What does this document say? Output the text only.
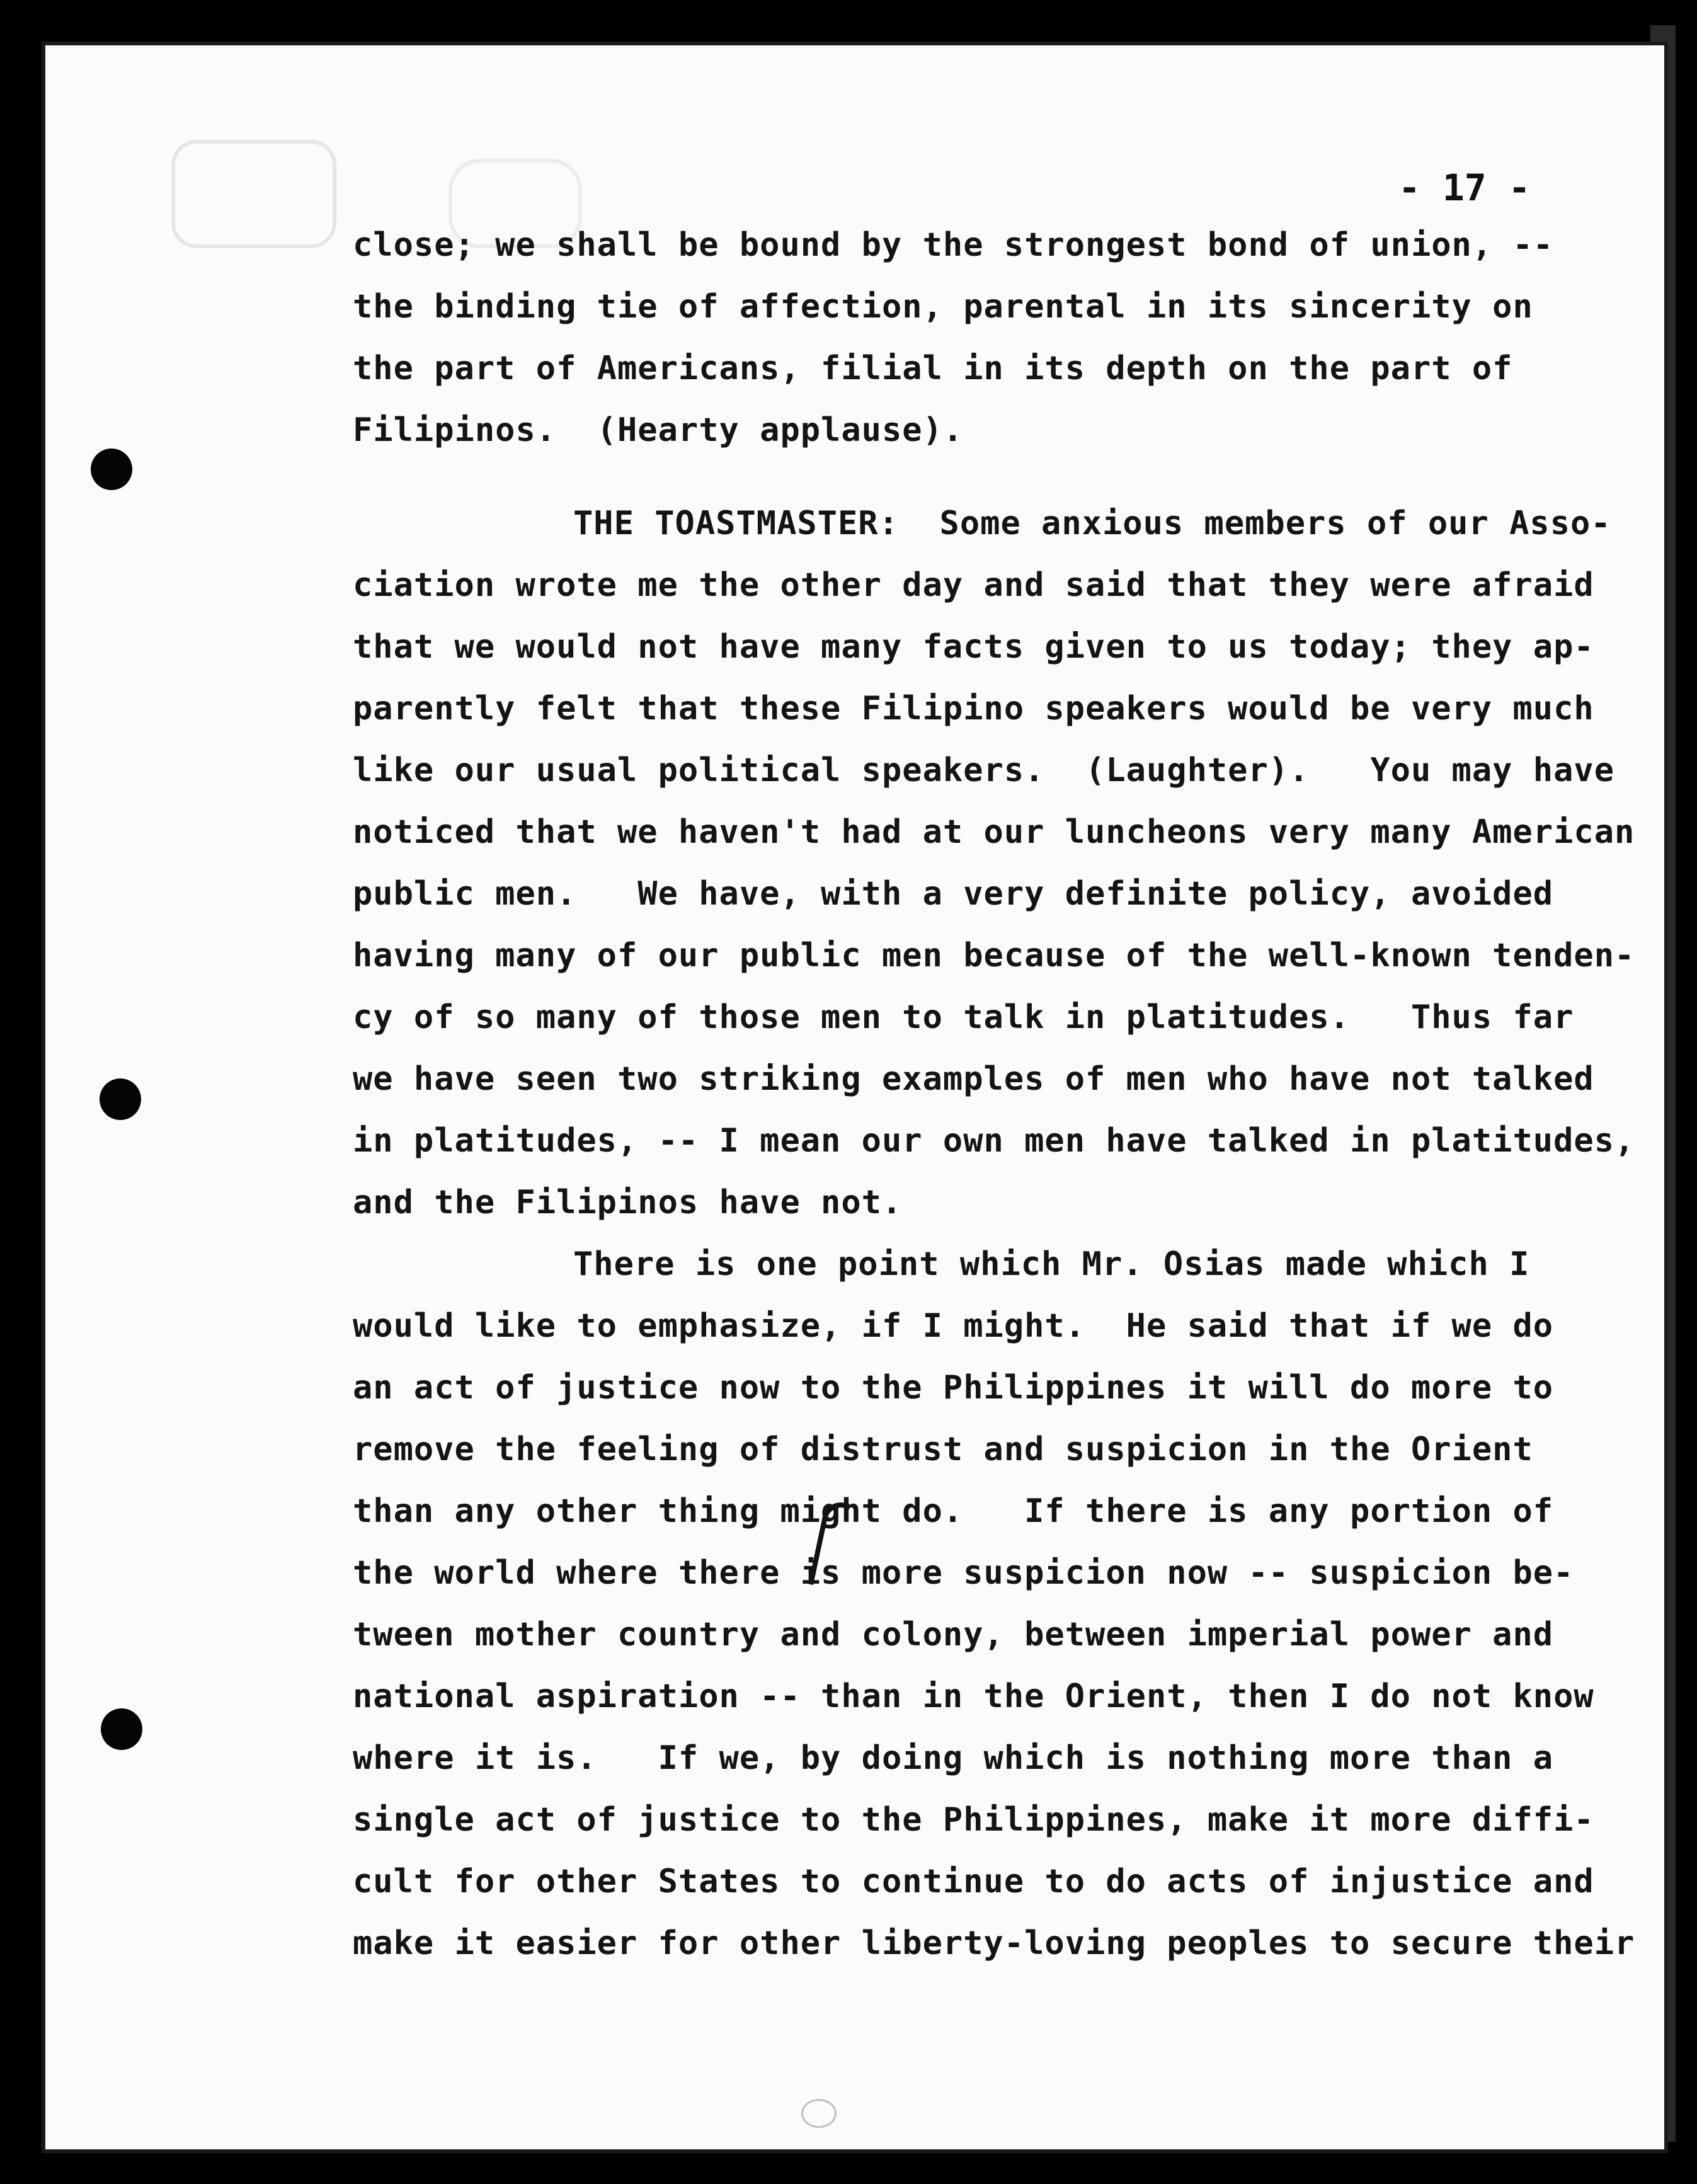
- 17 -
close; we shall be bound by the strongest bond of union, --
the binding tie of affection, parental in its sincerity on
the part of Americans, filial in its depth on the part of
Filipinos.  (Hearty applause).
THE TOASTMASTER:  Some anxious members of our Asso-
ciation wrote me the other day and said that they were afraid
that we would not have many facts given to us today; they ap-
parently felt that these Filipino speakers would be very much
like our usual political speakers.  (Laughter).   You may have
noticed that we haven't had at our luncheons very many American
public men.   We have, with a very definite policy, avoided
having many of our public men because of the well-known tenden-
cy of so many of those men to talk in platitudes.   Thus far
we have seen two striking examples of men who have not talked
in platitudes, -- I mean our own men have talked in platitudes,
and the Filipinos have not.
There is one point which Mr. Osias made which I
would like to emphasize, if I might.  He said that if we do
an act of justice now to the Philippines it will do more to
remove the feeling of distrust and suspicion in the Orient
than any other thing might do.   If there is any portion of
the world where there is more suspicion now -- suspicion be-
tween mother country and colony, between imperial power and
national aspiration -- than in the Orient, then I do not know
where it is.   If we, by doing which is nothing more than a
single act of justice to the Philippines, make it more diffi-
cult for other States to continue to do acts of injustice and
make it easier for other liberty-loving peoples to secure their
